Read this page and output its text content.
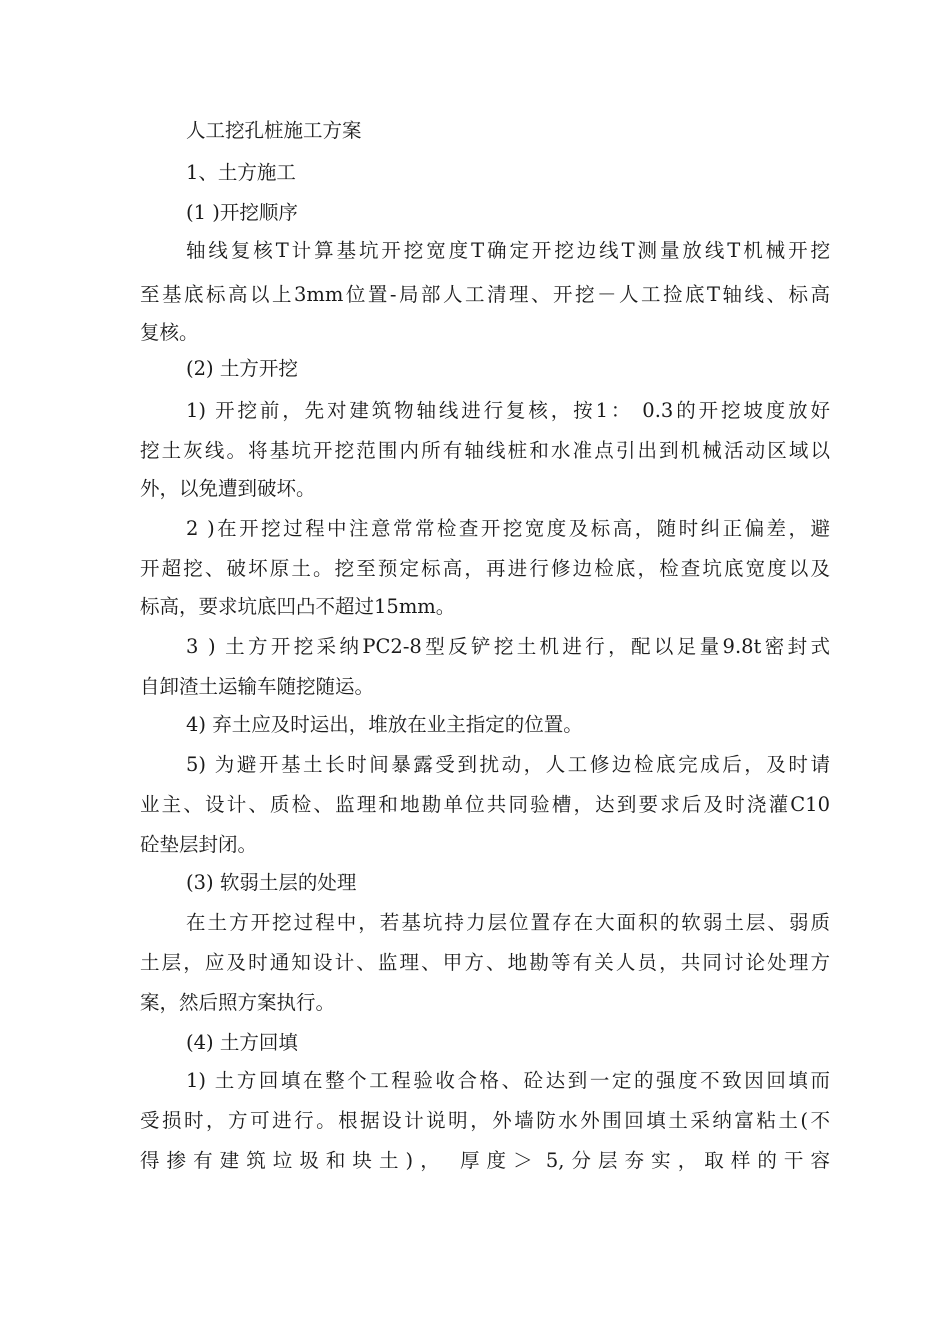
人工挖孔桩施工方案
1、土方施工
(1 )开挖顺序
轴线复核T计算基坑开挖宽度T确定开挖边线T测量放线T机械开挖
至基底标高以上3mm位置-局部人工清理、开挖－人工捡底T轴线、标高
复核。
(2) 土方开挖
1) 开挖前，先对建筑物轴线进行复核，按1： 0.3的开挖坡度放好
挖土灰线。将基坑开挖范围内所有轴线桩和水准点引出到机械活动区域以
外，以免遭到破坏。
2 )在开挖过程中注意常常检查开挖宽度及标高，随时纠正偏差，避
开超挖、破坏原土。挖至预定标高，再进行修边检底，检查坑底宽度以及
标高，要求坑底凹凸不超过15mm。
3 ) 土方开挖采纳PC2-8型反铲挖土机进行，配以足量9.8t密封式
自卸渣土运输车随挖随运。
4) 弃土应及时运出，堆放在业主指定的位置。
5) 为避开基土长时间暴露受到扰动，人工修边检底完成后，及时请
业主、设计、质检、监理和地勘单位共同验槽，达到要求后及时浇灌C10
砼垫层封闭。
(3) 软弱土层的处理
在土方开挖过程中，若基坑持力层位置存在大面积的软弱土层、弱质
土层，应及时通知设计、监理、甲方、地勘等有关人员，共同讨论处理方
案，然后照方案执行。
(4) 土方回填
1) 土方回填在整个工程验收合格、砼达到一定的强度不致因回填而
受损时，方可进行。根据设计说明，外墙防水外围回填土采纳富粘土(不
得掺有建筑垃圾和块土)， 厚度＞ 5,分层夯实，取样的干容
